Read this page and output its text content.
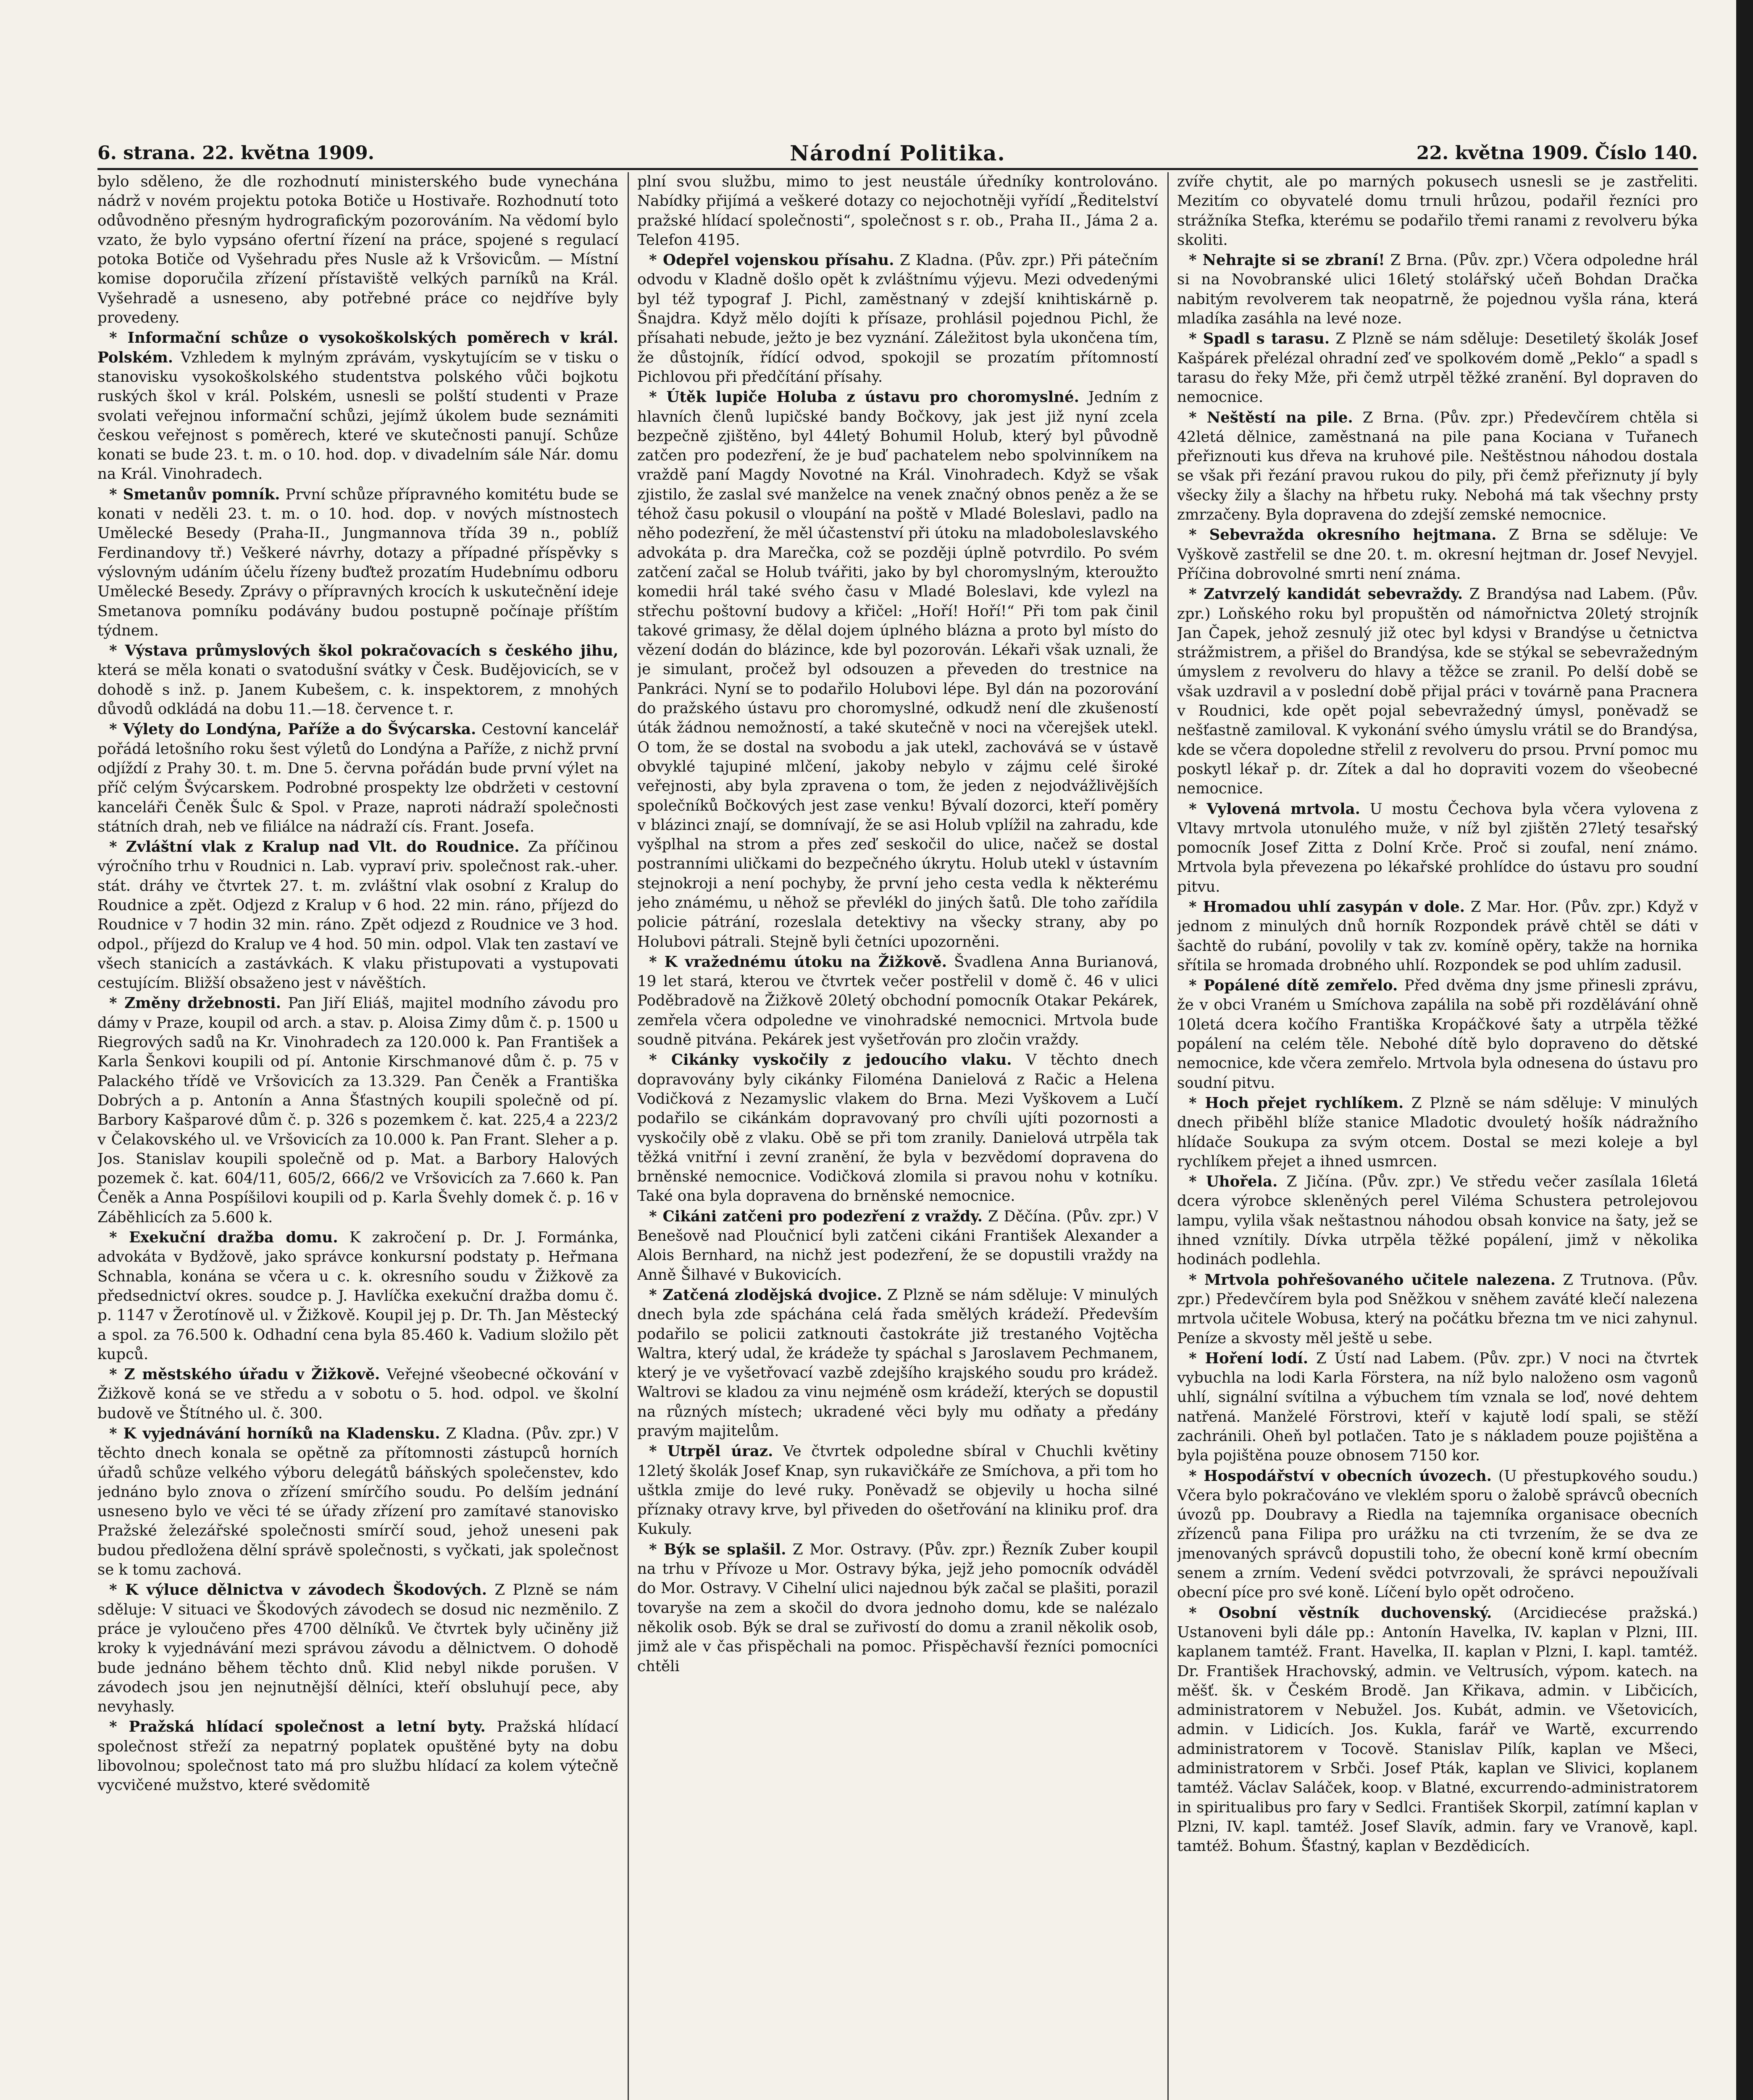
6. strana. 22. května 1909.	Národní Politika.	22. května 1909. Číslo 140.

bylo sděleno, že dle rozhodnutí ministerského bude vynechána nádrž v novém projektu potoka Botiče u Hostivaře. Rozhodnutí toto odůvodněno přesným hydrografickým pozorováním. Na vědomí bylo vzato, že bylo vypsáno ofertní řízení na práce, spojené s regulací potoka Botiče od Vyšehradu přes Nusle až k Vršovicům. — Místní komise doporučila zřízení přístaviště velkých parníků na Král. Vyšehradě a usneseno, aby potřebné práce co nejdříve byly provedeny.

* Informační schůze o vysokoškolských poměrech v král. Polském. Vzhledem k mylným zprávám, vyskytujícím se v tisku o stanovisku vysokoškolského studentstva polského vůči bojkotu ruských škol v král. Polském, usnesli se polští studenti v Praze svolati veřejnou informační schůzi, jejímž úkolem bude seznámiti českou veřejnost s poměrech, které ve skutečnosti panují. Schůze konati se bude 23. t. m. o 10. hod. dop. v divadelním sále Nár. domu na Král. Vinohradech.

* Smetanův pomník. První schůze přípravného komitétu bude se konati v neděli 23. t. m. o 10. hod. dop. v nových místnostech Umělecké Besedy (Praha-II., Jungmannova třída 39 n., poblíž Ferdinandovy tř.) Veškeré návrhy, dotazy a případné příspěvky s výslovným udáním účelu řízeny buďtež prozatím Hudebnímu odboru Umělecké Besedy. Zprávy o přípravných krocích k uskutečnění ideje Smetanova pomníku podávány budou postupně počínaje příštím týdnem.

* Výstava průmyslových škol pokračovacích s českého jihu, která se měla konati o svatodušní svátky v Česk. Budějovicích, se v dohodě s inž. p. Janem Kubešem, c. k. inspektorem, z mnohých důvodů odkládá na dobu 11.—18. července t. r.

* Výlety do Londýna, Paříže a do Švýcarska. Cestovní kancelář pořádá letošního roku šest výletů do Londýna a Paříže, z nichž první odjíždí z Prahy 30. t. m. Dne 5. června pořádán bude první výlet na příč celým Švýcarskem. Podrobné prospekty lze obdržeti v cestovní kanceláři Čeněk Šulc & Spol. v Praze, naproti nádraží společnosti státních drah, neb ve filiálce na nádraží cís. Frant. Josefa.

* Zvláštní vlak z Kralup nad Vlt. do Roudnice. Za příčinou výročního trhu v Roudnici n. Lab. vypraví priv. společnost rak.-uher. stát. dráhy ve čtvrtek 27. t. m. zvláštní vlak osobní z Kralup do Roudnice a zpět. Odjezd z Kralup v 6 hod. 22 min. ráno, příjezd do Roudnice v 7 hodin 32 min. ráno. Zpět odjezd z Roudnice ve 3 hod. odpol., příjezd do Kralup ve 4 hod. 50 min. odpol. Vlak ten zastaví ve všech stanicích a zastávkách. K vlaku přistupovati a vystupovati cestujícím. Bližší obsaženo jest v návěštích.

* Změny držebnosti. Pan Jiří Eliáš, majitel modního závodu pro dámy v Praze, koupil od arch. a stav. p. Aloisa Zimy dům č. p. 1500 u Riegrových sadů na Kr. Vinohradech za 120.000 k. Pan František a Karla Šenkovi koupili od pí. Antonie Kirschmanové dům č. p. 75 v Palackého třídě ve Vršovicích za 13.329. Pan Čeněk a Františka Dobrých a p. Antonín a Anna Šťastných koupili společně od pí. Barbory Kašparové dům č. p. 326 s pozemkem č. kat. 225,4 a 223/2 v Čelakovského ul. ve Vršovicích za 10.000 k. Pan Frant. Sleher a p. Jos. Stanislav koupili společně od p. Mat. a Barbory Halových pozemek č. kat. 604/11, 605/2, 666/2 ve Vršovicích za 7.660 k. Pan Čeněk a Anna Pospíšilovi koupili od p. Karla Švehly domek č. p. 16 v Záběhlicích za 5.600 k.

* Exekuční dražba domu. K zakročení p. Dr. J. Formánka, advokáta v Bydžově, jako správce konkursní podstaty p. Heřmana Schnabla, konána se včera u c. k. okresního soudu v Žižkově za předsednictví okres. soudce p. J. Havlíčka exekuční dražba domu č. p. 1147 v Žerotínově ul. v Žižkově. Koupil jej p. Dr. Th. Jan Městecký a spol. za 76.500 k. Odhadní cena byla 85.460 k. Vadium složilo pět kupců.

* Z městského úřadu v Žižkově. Veřejné všeobecné očkování v Žižkově koná se ve středu a v sobotu o 5. hod. odpol. ve školní budově ve Štítného ul. č. 300.

* K vyjednávání horníků na Kladensku. Z Kladna. (Pův. zpr.) V těchto dnech konala se opětně za přítomnosti zástupců horních úřadů schůze velkého výboru delegátů báňských společenstev, kdo jednáno bylo znova o zřízení smírčího soudu. Po delším jednání usneseno bylo ve věci té se úřady zřízení pro zamítavé stanovisko Pražské železářské společnosti smírčí soud, jehož uneseni pak budou předložena dělní správě společnosti, s vyčkati, jak společnost se k tomu zachová.

* K výluce dělnictva v závodech Škodových. Z Plzně se nám sděluje: V situaci ve Škodových závodech se dosud nic nezměnilo. Z práce je vyloučeno přes 4700 dělníků. Ve čtvrtek byly učiněny již kroky k vyjednávání mezi správou závodu a dělnictvem. O dohodě bude jednáno během těchto dnů. Klid nebyl nikde porušen. V závodech jsou jen nejnutnější dělníci, kteří obsluhují pece, aby nevyhasly.

* Pražská hlídací společnost a letní byty. Pražská hlídací společnost střeží za nepatrný poplatek opuštěné byty na dobu libovolnou; společnost tato má pro službu hlídací za kolem výtečně vycvičené mužstvo, které svědomitě

plní svou službu, mimo to jest neustále úředníky kontrolováno. Nabídky přijímá a veškeré dotazy co nejochotněji vyřídí „Ředitelství pražské hlídací společnosti“, společnost s r. ob., Praha II., Jáma 2 a. Telefon 4195.

* Odepřel vojenskou přísahu. Z Kladna. (Pův. zpr.) Při pátečním odvodu v Kladně došlo opět k zvláštnímu výjevu. Mezi odvedenými byl též typograf J. Pichl, zaměstnaný v zdejší knihtiskárně p. Šnajdra. Když mělo dojíti k přísaze, prohlásil pojednou Pichl, že přísahati nebude, ježto je bez vyznání. Záležitost byla ukončena tím, že důstojník, řídící odvod, spokojil se prozatím přítomností Pichlovou při předčítání přísahy.

* Útěk lupiče Holuba z ústavu pro choromyslné. Jedním z hlavních členů lupičské bandy Bočkovy, jak jest již nyní zcela bezpečně zjištěno, byl 44letý Bohumil Holub, který byl původně zatčen pro podezření, že je buď pachatelem nebo spolvinníkem na vraždě paní Magdy Novotné na Král. Vinohradech. Když se však zjistilo, že zaslal své manželce na venek značný obnos peněz a že se téhož času pokusil o vloupání na poště v Mladé Boleslavi, padlo na něho podezření, že měl účastenství při útoku na mladoboleslavského advokáta p. dra Marečka, což se později úplně potvrdilo. Po svém zatčení začal se Holub tvářiti, jako by byl choromyslným, kteroužto komedii hrál také svého času v Mladé Boleslavi, kde vylezl na střechu poštovní budovy a křičel: „Hoří! Hoří!“ Při tom pak činil takové grimasy, že dělal dojem úplného blázna a proto byl místo do vězení dodán do blázince, kde byl pozorován. Lékaři však uznali, že je simulant, pročež byl odsouzen a převeden do trestnice na Pankráci. Nyní se to podařilo Holubovi lépe. Byl dán na pozorování do pražského ústavu pro choromyslné, odkudž není dle zkušeností úták žádnou nemožností, a také skutečně v noci na včerejšek utekl. O tom, že se dostal na svobodu a jak utekl, zachovává se v ústavě obvyklé tajupiné mlčení, jakoby nebylo v zájmu celé široké veřejnosti, aby byla zpravena o tom, že jeden z nejodvážlivějších společníků Bočkových jest zase venku! Bývalí dozorci, kteří poměry v blázinci znají, se domnívají, že se asi Holub vplížil na zahradu, kde vyšplhal na strom a přes zeď seskočil do ulice, načež se dostal postranními uličkami do bezpečného úkrytu. Holub utekl v ústavním stejnokroji a není pochyby, že první jeho cesta vedla k některému jeho známému, u něhož se převlékl do jiných šatů. Dle toho zařídila policie pátrání, rozeslala detektivy na všecky strany, aby po Holubovi pátrali. Stejně byli četníci upozorněni.

* K vražednému útoku na Žižkově. Švadlena Anna Burianová, 19 let stará, kterou ve čtvrtek večer postřelil v domě č. 46 v ulici Poděbradově na Žižkově 20letý obchodní pomocník Otakar Pekárek, zemřela včera odpoledne ve vinohradské nemocnici. Mrtvola bude soudně pitvána. Pekárek jest vyšetřován pro zločin vraždy.

* Cikánky vyskočily z jedoucího vlaku. V těchto dnech dopravovány byly cikánky Filoména Danielová z Račic a Helena Vodičková z Nezamyslic vlakem do Brna. Mezi Vyškovem a Lučí podařilo se cikánkám dopravovaný pro chvíli ujíti pozornosti a vyskočily obě z vlaku. Obě se při tom zranily. Danielová utrpěla tak těžká vnitřní i zevní zranění, že byla v bezvědomí dopravena do brněnské nemocnice. Vodičková zlomila si pravou nohu v kotníku. Také ona byla dopravena do brněnské nemocnice.

* Cikáni zatčeni pro podezření z vraždy. Z Děčína. (Pův. zpr.) V Benešově nad Ploučnicí byli zatčeni cikáni František Alexander a Alois Bernhard, na nichž jest podezření, že se dopustili vraždy na Anně Šilhavé v Bukovicích.

* Zatčená zlodějská dvojice. Z Plzně se nám sděluje: V minulých dnech byla zde spáchána celá řada smělých krádeží. Především podařilo se policii zatknouti častokráte již trestaného Vojtěcha Waltra, který udal, že krádeže ty spáchal s Jaroslavem Pechmanem, který je ve vyšetřovací vazbě zdejšího krajského soudu pro krádež. Waltrovi se kladou za vinu nejméně osm krádeží, kterých se dopustil na různých místech; ukradené věci byly mu odňaty a předány pravým majitelům.

* Utrpěl úraz. Ve čtvrtek odpoledne sbíral v Chuchli květiny 12letý školák Josef Knap, syn rukavičkáře ze Smíchova, a při tom ho uštkla zmije do levé ruky. Poněvadž se objevily u hocha silné příznaky otravy krve, byl přiveden do ošetřování na kliniku prof. dra Kukuly.

* Býk se splašil. Z Mor. Ostravy. (Pův. zpr.) Řezník Zuber koupil na trhu v Přívoze u Mor. Ostravy býka, jejž jeho pomocník odváděl do Mor. Ostravy. V Cihelní ulici najednou býk začal se plašiti, porazil tovaryše na zem a skočil do dvora jednoho domu, kde se nalézalo několik osob. Býk se dral se zuřivostí do domu a zranil několik osob, jimž ale v čas přispěchali na pomoc. Přispěchavší řezníci pomocníci chtěli

zvíře chytit, ale po marných pokusech usnesli se je zastřeliti. Mezitím co obyvatelé domu trnuli hrůzou, podařil řezníci pro strážníka Stefka, kterému se podařilo třemi ranami z revolveru býka skoliti.

* Nehrajte si se zbraní! Z Brna. (Pův. zpr.) Včera odpoledne hrál si na Novobranské ulici 16letý stolářský učeň Bohdan Dračka nabitým revolverem tak neopatrně, že pojednou vyšla rána, která mladíka zasáhla na levé noze.

* Spadl s tarasu. Z Plzně se nám sděluje: Desetiletý školák Josef Kašpárek přelézal ohradní zeď ve spolkovém domě „Peklo“ a spadl s tarasu do řeky Mže, při čemž utrpěl těžké zranění. Byl dopraven do nemocnice.

* Neštěstí na pile. Z Brna. (Pův. zpr.) Předevčírem chtěla si 42letá dělnice, zaměstnaná na pile pana Kociana v Tuřanech přeřiznouti kus dřeva na kruhové pile. Neštěstnou náhodou dostala se však při řezání pravou rukou do pily, při čemž přeřiznuty jí byly všecky žily a šlachy na hřbetu ruky. Nebohá má tak všechny prsty zmrzačeny. Byla dopravena do zdejší zemské nemocnice.

* Sebevražda okresního hejtmana. Z Brna se sděluje: Ve Vyškově zastřelil se dne 20. t. m. okresní hejtman dr. Josef Nevyjel. Příčina dobrovolné smrti není známa.

* Zatvrzelý kandidát sebevraždy. Z Brandýsa nad Labem. (Pův. zpr.) Loňského roku byl propuštěn od námořnictva 20letý strojník Jan Čapek, jehož zesnulý již otec byl kdysi v Brandýse u četnictva strážmistrem, a přišel do Brandýsa, kde se stýkal se sebevražedným úmyslem z revolveru do hlavy a těžce se zranil. Po delší době se však uzdravil a v poslední době přijal práci v továrně pana Pracnera v Roudnici, kde opět pojal sebevražedný úmysl, poněvadž se nešťastně zamiloval. K vykonání svého úmyslu vrátil se do Brandýsa, kde se včera dopoledne střelil z revolveru do prsou. První pomoc mu poskytl lékař p. dr. Zítek a dal ho dopraviti vozem do všeobecné nemocnice.

* Vylovená mrtvola. U mostu Čechova byla včera vylovena z Vltavy mrtvola utonulého muže, v níž byl zjištěn 27letý tesařský pomocník Josef Zitta z Dolní Krče. Proč si zoufal, není známo. Mrtvola byla převezena po lékařské prohlídce do ústavu pro soudní pitvu.

* Hromadou uhlí zasypán v dole. Z Mar. Hor. (Pův. zpr.) Když v jednom z minulých dnů horník Rozpondek právě chtěl se dáti v šachtě do rubání, povolily v tak zv. komíně opěry, takže na hornika sřítila se hromada drobného uhlí. Rozpondek se pod uhlím zadusil.

* Popálené dítě zemřelo. Před dvěma dny jsme přinesli zprávu, že v obci Vraném u Smíchova zapálila na sobě při rozdělávání ohně 10letá dcera kočího Františka Kropáčkové šaty a utrpěla těžké popálení na celém těle. Nebohé dítě bylo dopraveno do dětské nemocnice, kde včera zemřelo. Mrtvola byla odnesena do ústavu pro soudní pitvu.

* Hoch přejet rychlíkem. Z Plzně se nám sděluje: V minulých dnech přiběhl blíže stanice Mladotic dvouletý hošík nádražního hlídače Soukupa za svým otcem. Dostal se mezi koleje a byl rychlíkem přejet a ihned usmrcen.

* Uhořela. Z Jičína. (Pův. zpr.) Ve středu večer zasílala 16letá dcera výrobce skleněných perel Viléma Schustera petrolejovou lampu, vylila však neštastnou náhodou obsah konvice na šaty, jež se ihned vznítily. Dívka utrpěla těžké popálení, jimž v několika hodinách podlehla.

* Mrtvola pohřešovaného učitele nalezena. Z Trutnova. (Pův. zpr.) Předevčírem byla pod Sněžkou v sněhem zaváté klečí nalezena mrtvola učitele Wobusa, který na počátku března tm ve nici zahynul. Peníze a skvosty měl ještě u sebe.

* Hoření lodí. Z Ústí nad Labem. (Pův. zpr.) V noci na čtvrtek vybuchla na lodi Karla Förstera, na níž bylo naloženo osm vagonů uhlí, signální svítilna a výbuchem tím vznala se loď, nové dehtem natřená. Manželé Förstrovi, kteří v kajutě lodí spali, se stěží zachránili. Oheň byl potlačen. Tato je s nákladem pouze pojištěna a byla pojištěna pouze obnosem 7150 kor.

* Hospodářství v obecních úvozech. (U přestupkového soudu.) Včera bylo pokračováno ve vleklém sporu o žalobě správců obecních úvozů pp. Doubravy a Riedla na tajemníka organisace obecních zřízenců pana Filipa pro urážku na cti tvrzením, že se dva ze jmenovaných správců dopustili toho, že obecní koně krmí obecním senem a zrním. Vedení svědci potvrzovali, že správci nepoužívali obecní píce pro své koně. Líčení bylo opět odročeno.

* Osobní věstník duchovenský. (Arcidiecése pražská.) Ustanoveni byli dále pp.: Antonín Havelka, IV. kaplan v Plzni, III. kaplanem tamtéž. Frant. Havelka, II. kaplan v Plzni, I. kapl. tamtéž. Dr. František Hrachovský, admin. ve Veltrusích, výpom. katech. na měšť. šk. v Českém Brodě. Jan Křikava, admin. v Libčicích, administratorem v Nebužel. Jos. Kubát, admin. ve Všetovicích, admin. v Lidicích. Jos. Kukla, farář ve Wartě, excurrendo administratorem v Tocově. Stanislav Pilík, kaplan ve Mšeci, administratorem v Srbči. Josef Pták, kaplan ve Slivici, koplanem tamtéž. Václav Saláček, koop. v Blatné, excurrendo-administratorem in spiritualibus pro fary v Sedlci. František Skorpil, zatímní kaplan v Plzni, IV. kapl. tamtéž. Josef Slavík, admin. fary ve Vranově, kapl. tamtéž. Bohum. Šťastný, kaplan v Bezdědicích.
